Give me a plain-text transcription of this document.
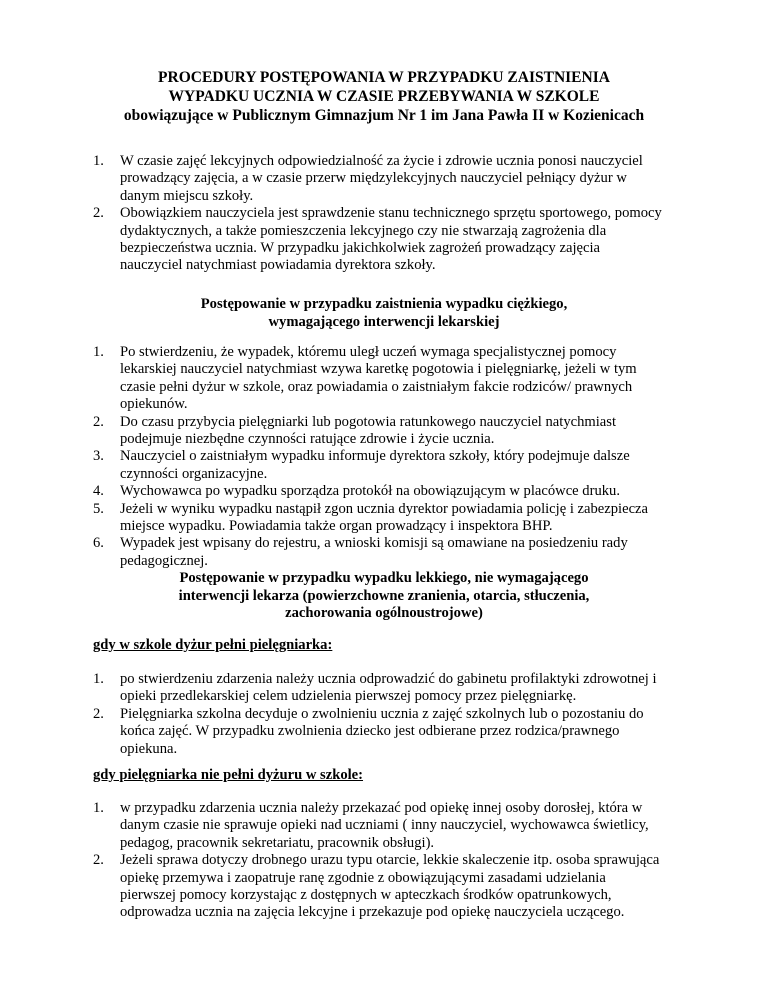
PROCEDURY POSTĘPOWANIA W PRZYPADKU ZAISTNIENIA
WYPADKU UCZNIA W CZASIE PRZEBYWANIA W SZKOLE
obowiązujące w Publicznym Gimnazjum Nr 1 im Jana Pawła II w Kozienicach
1. W czasie zajęć lekcyjnych odpowiedzialność za życie i zdrowie ucznia ponosi nauczyciel
prowadzący zajęcia, a w czasie przerw międzylekcyjnych nauczyciel pełniący dyżur w
danym miejscu szkoły.
2. Obowiązkiem nauczyciela jest sprawdzenie stanu technicznego sprzętu sportowego, pomocy
dydaktycznych, a także pomieszczenia lekcyjnego czy nie stwarzają zagrożenia dla
bezpieczeństwa ucznia. W przypadku jakichkolwiek zagrożeń prowadzący zajęcia
nauczyciel natychmiast powiadamia dyrektora szkoły.
Postępowanie w przypadku zaistnienia wypadku ciężkiego,
wymagającego interwencji lekarskiej
1. Po stwierdzeniu, że wypadek, któremu uległ uczeń wymaga specjalistycznej pomocy
lekarskiej nauczyciel natychmiast wzywa karetkę pogotowia i pielęgniarkę, jeżeli w tym
czasie pełni dyżur w szkole, oraz powiadamia o zaistniałym fakcie rodziców/ prawnych
opiekunów.
2. Do czasu przybycia pielęgniarki lub pogotowia ratunkowego nauczyciel natychmiast
podejmuje niezbędne czynności ratujące zdrowie i życie ucznia.
3. Nauczyciel o zaistniałym wypadku informuje dyrektora szkoły, który podejmuje dalsze
czynności organizacyjne.
4. Wychowawca po wypadku sporządza protokół na obowiązującym w placówce druku.
5. Jeżeli w wyniku wypadku nastąpił zgon ucznia dyrektor powiadamia policję i zabezpiecza
miejsce wypadku. Powiadamia także organ prowadzący i inspektora BHP.
6. Wypadek jest wpisany do rejestru, a wnioski komisji są omawiane na posiedzeniu rady
pedagogicznej.
Postępowanie w przypadku wypadku lekkiego, nie wymagającego
interwencji lekarza (powierzchowne zranienia, otarcia, stłuczenia,
zachorowania ogólnoustrojowe)
gdy w szkole dyżur pełni pielęgniarka:
1. po stwierdzeniu zdarzenia należy ucznia odprowadzić do gabinetu profilaktyki zdrowotnej i
opieki przedlekarskiej celem udzielenia pierwszej pomocy przez pielęgniarkę.
2. Pielęgniarka szkolna decyduje o zwolnieniu ucznia z zajęć szkolnych lub o pozostaniu do
końca zajęć. W przypadku zwolnienia dziecko jest odbierane przez rodzica/prawnego
opiekuna.
gdy pielęgniarka nie pełni dyżuru w szkole:
1. w przypadku zdarzenia ucznia należy przekazać pod opiekę innej osoby dorosłej, która w
danym czasie nie sprawuje opieki nad uczniami ( inny nauczyciel, wychowawca świetlicy,
pedagog, pracownik sekretariatu, pracownik obsługi).
2. Jeżeli sprawa dotyczy drobnego urazu typu otarcie, lekkie skaleczenie itp. osoba sprawująca
opiekę przemywa i zaopatruje ranę zgodnie z obowiązującymi zasadami udzielania
pierwszej pomocy korzystając z dostępnych w apteczkach środków opatrunkowych,
odprowadza ucznia na zajęcia lekcyjne i przekazuje pod opiekę nauczyciela uczącego.
